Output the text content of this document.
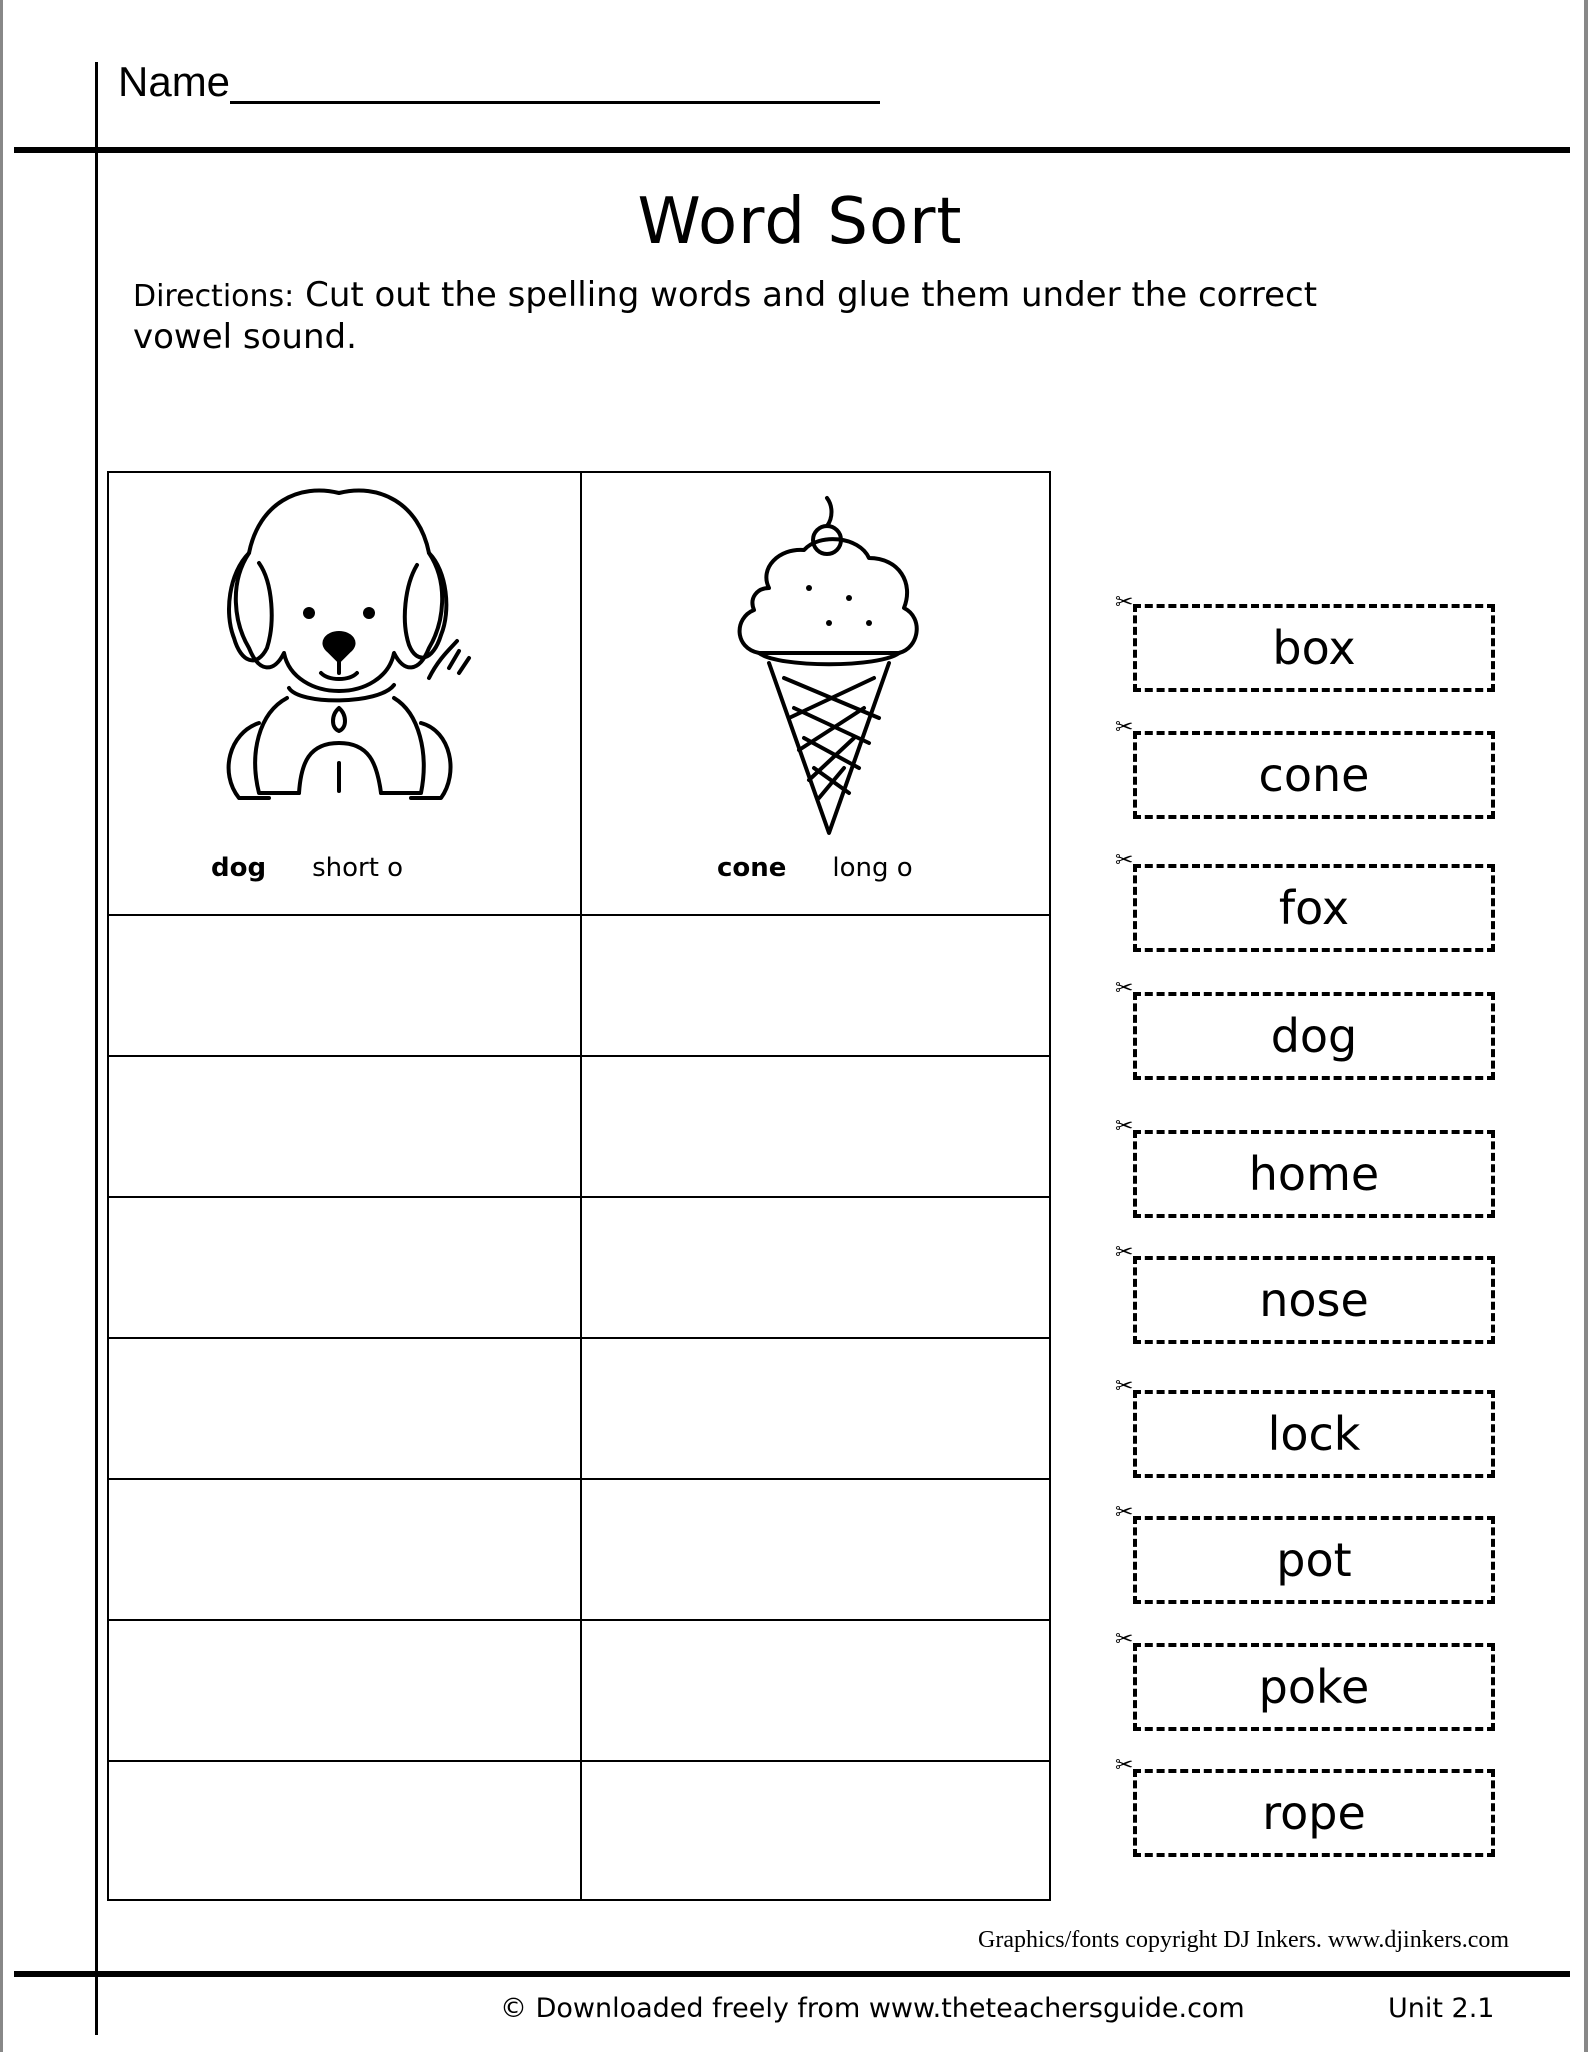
Name
Word Sort
Directions: Cut out the spelling words and glue them under the correct vowel sound.
dog short o	cone long o
✂
box
✂
cone
✂
fox
✂
dog
✂
home
✂
nose
✂
lock
✂
pot
✂
poke
✂
rope
Graphics/fonts copyright DJ Inkers. www.djinkers.com
© Downloaded freely from www.theteachersguide.com	Unit 2.1
